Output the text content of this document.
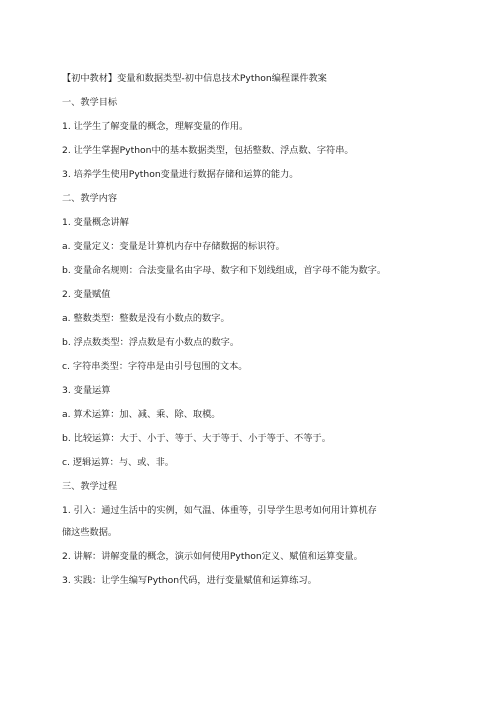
【初中教材】变量和数据类型-初中信息技术Python编程课件教案
一、教学目标
1. 让学生了解变量的概念，理解变量的作用。
2. 让学生掌握Python中的基本数据类型，包括整数、浮点数、字符串。
3. 培养学生使用Python变量进行数据存储和运算的能力。
二、教学内容
1. 变量概念讲解
a. 变量定义：变量是计算机内存中存储数据的标识符。
b. 变量命名规则：合法变量名由字母、数字和下划线组成，首字母不能为数字。
2. 变量赋值
a. 整数类型：整数是没有小数点的数字。
b. 浮点数类型：浮点数是有小数点的数字。
c. 字符串类型：字符串是由引号包围的文本。
3. 变量运算
a. 算术运算：加、减、乘、除、取模。
b. 比较运算：大于、小于、等于、大于等于、小于等于、不等于。
c. 逻辑运算：与、或、非。
三、教学过程
1. 引入：通过生活中的实例，如气温、体重等，引导学生思考如何用计算机存
储这些数据。
2. 讲解：讲解变量的概念，演示如何使用Python定义、赋值和运算变量。
3. 实践：让学生编写Python代码，进行变量赋值和运算练习。
